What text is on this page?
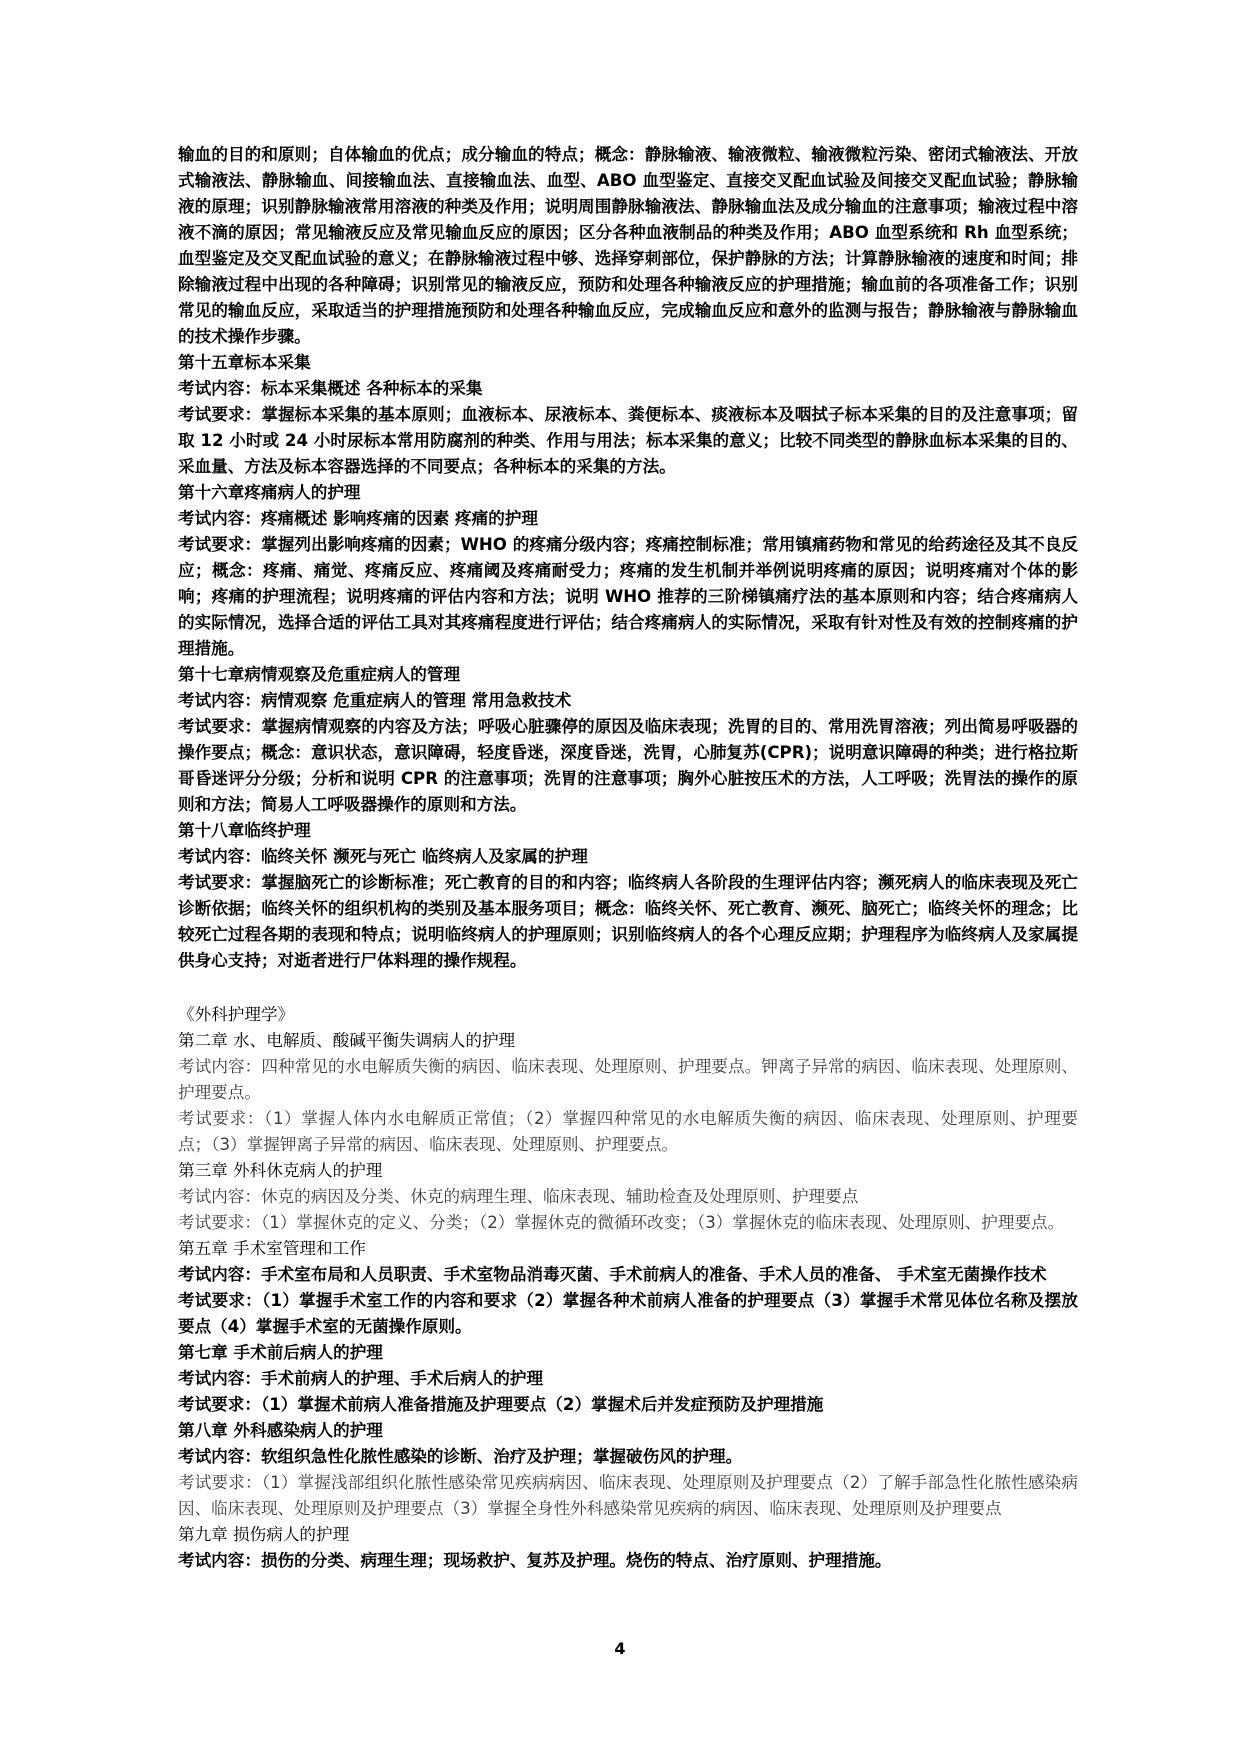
输血的目的和原则；自体输血的优点；成分输血的特点；概念：静脉输液、输液微粒、输液微粒污染、密闭式输液法、开放式输液法、静脉输血、间接输血法、直接输血法、血型、ABO 血型鉴定、直接交叉配血试验及间接交叉配血试验；静脉输液的原理；识别静脉输液常用溶液的种类及作用；说明周围静脉输液法、静脉输血法及成分输血的注意事项；输液过程中溶液不滴的原因；常见输液反应及常见输血反应的原因；区分各种血液制品的种类及作用；ABO 血型系统和 Rh 血型系统；血型鉴定及交叉配血试验的意义；在静脉输液过程中够、选择穿刺部位，保护静脉的方法；计算静脉输液的速度和时间；排除输液过程中出现的各种障碍；识别常见的输液反应，预防和处理各种输液反应的护理措施；输血前的各项准备工作；识别常见的输血反应，采取适当的护理措施预防和处理各种输血反应，完成输血反应和意外的监测与报告；静脉输液与静脉输血的技术操作步骤。

第十五章标本采集

考试内容：标本采集概述 各种标本的采集

考试要求：掌握标本采集的基本原则；血液标本、尿液标本、粪便标本、痰液标本及咽拭子标本采集的目的及注意事项；留取 12 小时或 24 小时尿标本常用防腐剂的种类、作用与用法；标本采集的意义；比较不同类型的静脉血标本采集的目的、采血量、方法及标本容器选择的不同要点；各种标本的采集的方法。

第十六章疼痛病人的护理

考试内容：疼痛概述 影响疼痛的因素 疼痛的护理

考试要求：掌握列出影响疼痛的因素；WHO 的疼痛分级内容；疼痛控制标准；常用镇痛药物和常见的给药途径及其不良反应；概念：疼痛、痛觉、疼痛反应、疼痛阈及疼痛耐受力；疼痛的发生机制并举例说明疼痛的原因；说明疼痛对个体的影响；疼痛的护理流程；说明疼痛的评估内容和方法；说明 WHO 推荐的三阶梯镇痛疗法的基本原则和内容；结合疼痛病人的实际情况，选择合适的评估工具对其疼痛程度进行评估；结合疼痛病人的实际情况，采取有针对性及有效的控制疼痛的护理措施。

第十七章病情观察及危重症病人的管理

考试内容：病情观察 危重症病人的管理 常用急救技术

考试要求：掌握病情观察的内容及方法；呼吸心脏骤停的原因及临床表现；洗胃的目的、常用洗胃溶液；列出简易呼吸器的操作要点；概念：意识状态，意识障碍，轻度昏迷，深度昏迷，洗胃，心肺复苏(CPR)；说明意识障碍的种类；进行格拉斯哥昏迷评分分级；分析和说明 CPR 的注意事项；洗胃的注意事项；胸外心脏按压术的方法，人工呼吸；洗胃法的操作的原则和方法；简易人工呼吸器操作的原则和方法。

第十八章临终护理

考试内容：临终关怀 濒死与死亡 临终病人及家属的护理

考试要求：掌握脑死亡的诊断标准；死亡教育的目的和内容；临终病人各阶段的生理评估内容；濒死病人的临床表现及死亡诊断依据；临终关怀的组织机构的类别及基本服务项目；概念：临终关怀、死亡教育、濒死、脑死亡；临终关怀的理念；比较死亡过程各期的表现和特点；说明临终病人的护理原则；识别临终病人的各个心理反应期；护理程序为临终病人及家属提供身心支持；对逝者进行尸体料理的操作规程。

《外科护理学》

第二章 水、电解质、酸碱平衡失调病人的护理

考试内容：四种常见的水电解质失衡的病因、临床表现、处理原则、护理要点。钾离子异常的病因、临床表现、处理原则、护理要点。

考试要求：（1）掌握人体内水电解质正常值；（2）掌握四种常见的水电解质失衡的病因、临床表现、处理原则、护理要点；（3）掌握钾离子异常的病因、临床表现、处理原则、护理要点。

第三章 外科休克病人的护理

考试内容：休克的病因及分类、休克的病理生理、临床表现、辅助检查及处理原则、护理要点

考试要求：（1）掌握休克的定义、分类；（2）掌握休克的微循环改变；（3）掌握休克的临床表现、处理原则、护理要点。

第五章 手术室管理和工作

考试内容：手术室布局和人员职责、手术室物品消毒灭菌、手术前病人的准备、手术人员的准备、 手术室无菌操作技术

考试要求：（1）掌握手术室工作的内容和要求（2）掌握各种术前病人准备的护理要点（3）掌握手术常见体位名称及摆放要点（4）掌握手术室的无菌操作原则。

第七章 手术前后病人的护理

考试内容：手术前病人的护理、手术后病人的护理

考试要求：（1）掌握术前病人准备措施及护理要点（2）掌握术后并发症预防及护理措施

第八章 外科感染病人的护理

考试内容：软组织急性化脓性感染的诊断、治疗及护理；掌握破伤风的护理。

考试要求：（1）掌握浅部组织化脓性感染常见疾病病因、临床表现、处理原则及护理要点（2）了解手部急性化脓性感染病因、临床表现、处理原则及护理要点（3）掌握全身性外科感染常见疾病的病因、临床表现、处理原则及护理要点

第九章 损伤病人的护理

考试内容：损伤的分类、病理生理；现场救护、复苏及护理。烧伤的特点、治疗原则、护理措施。

4
